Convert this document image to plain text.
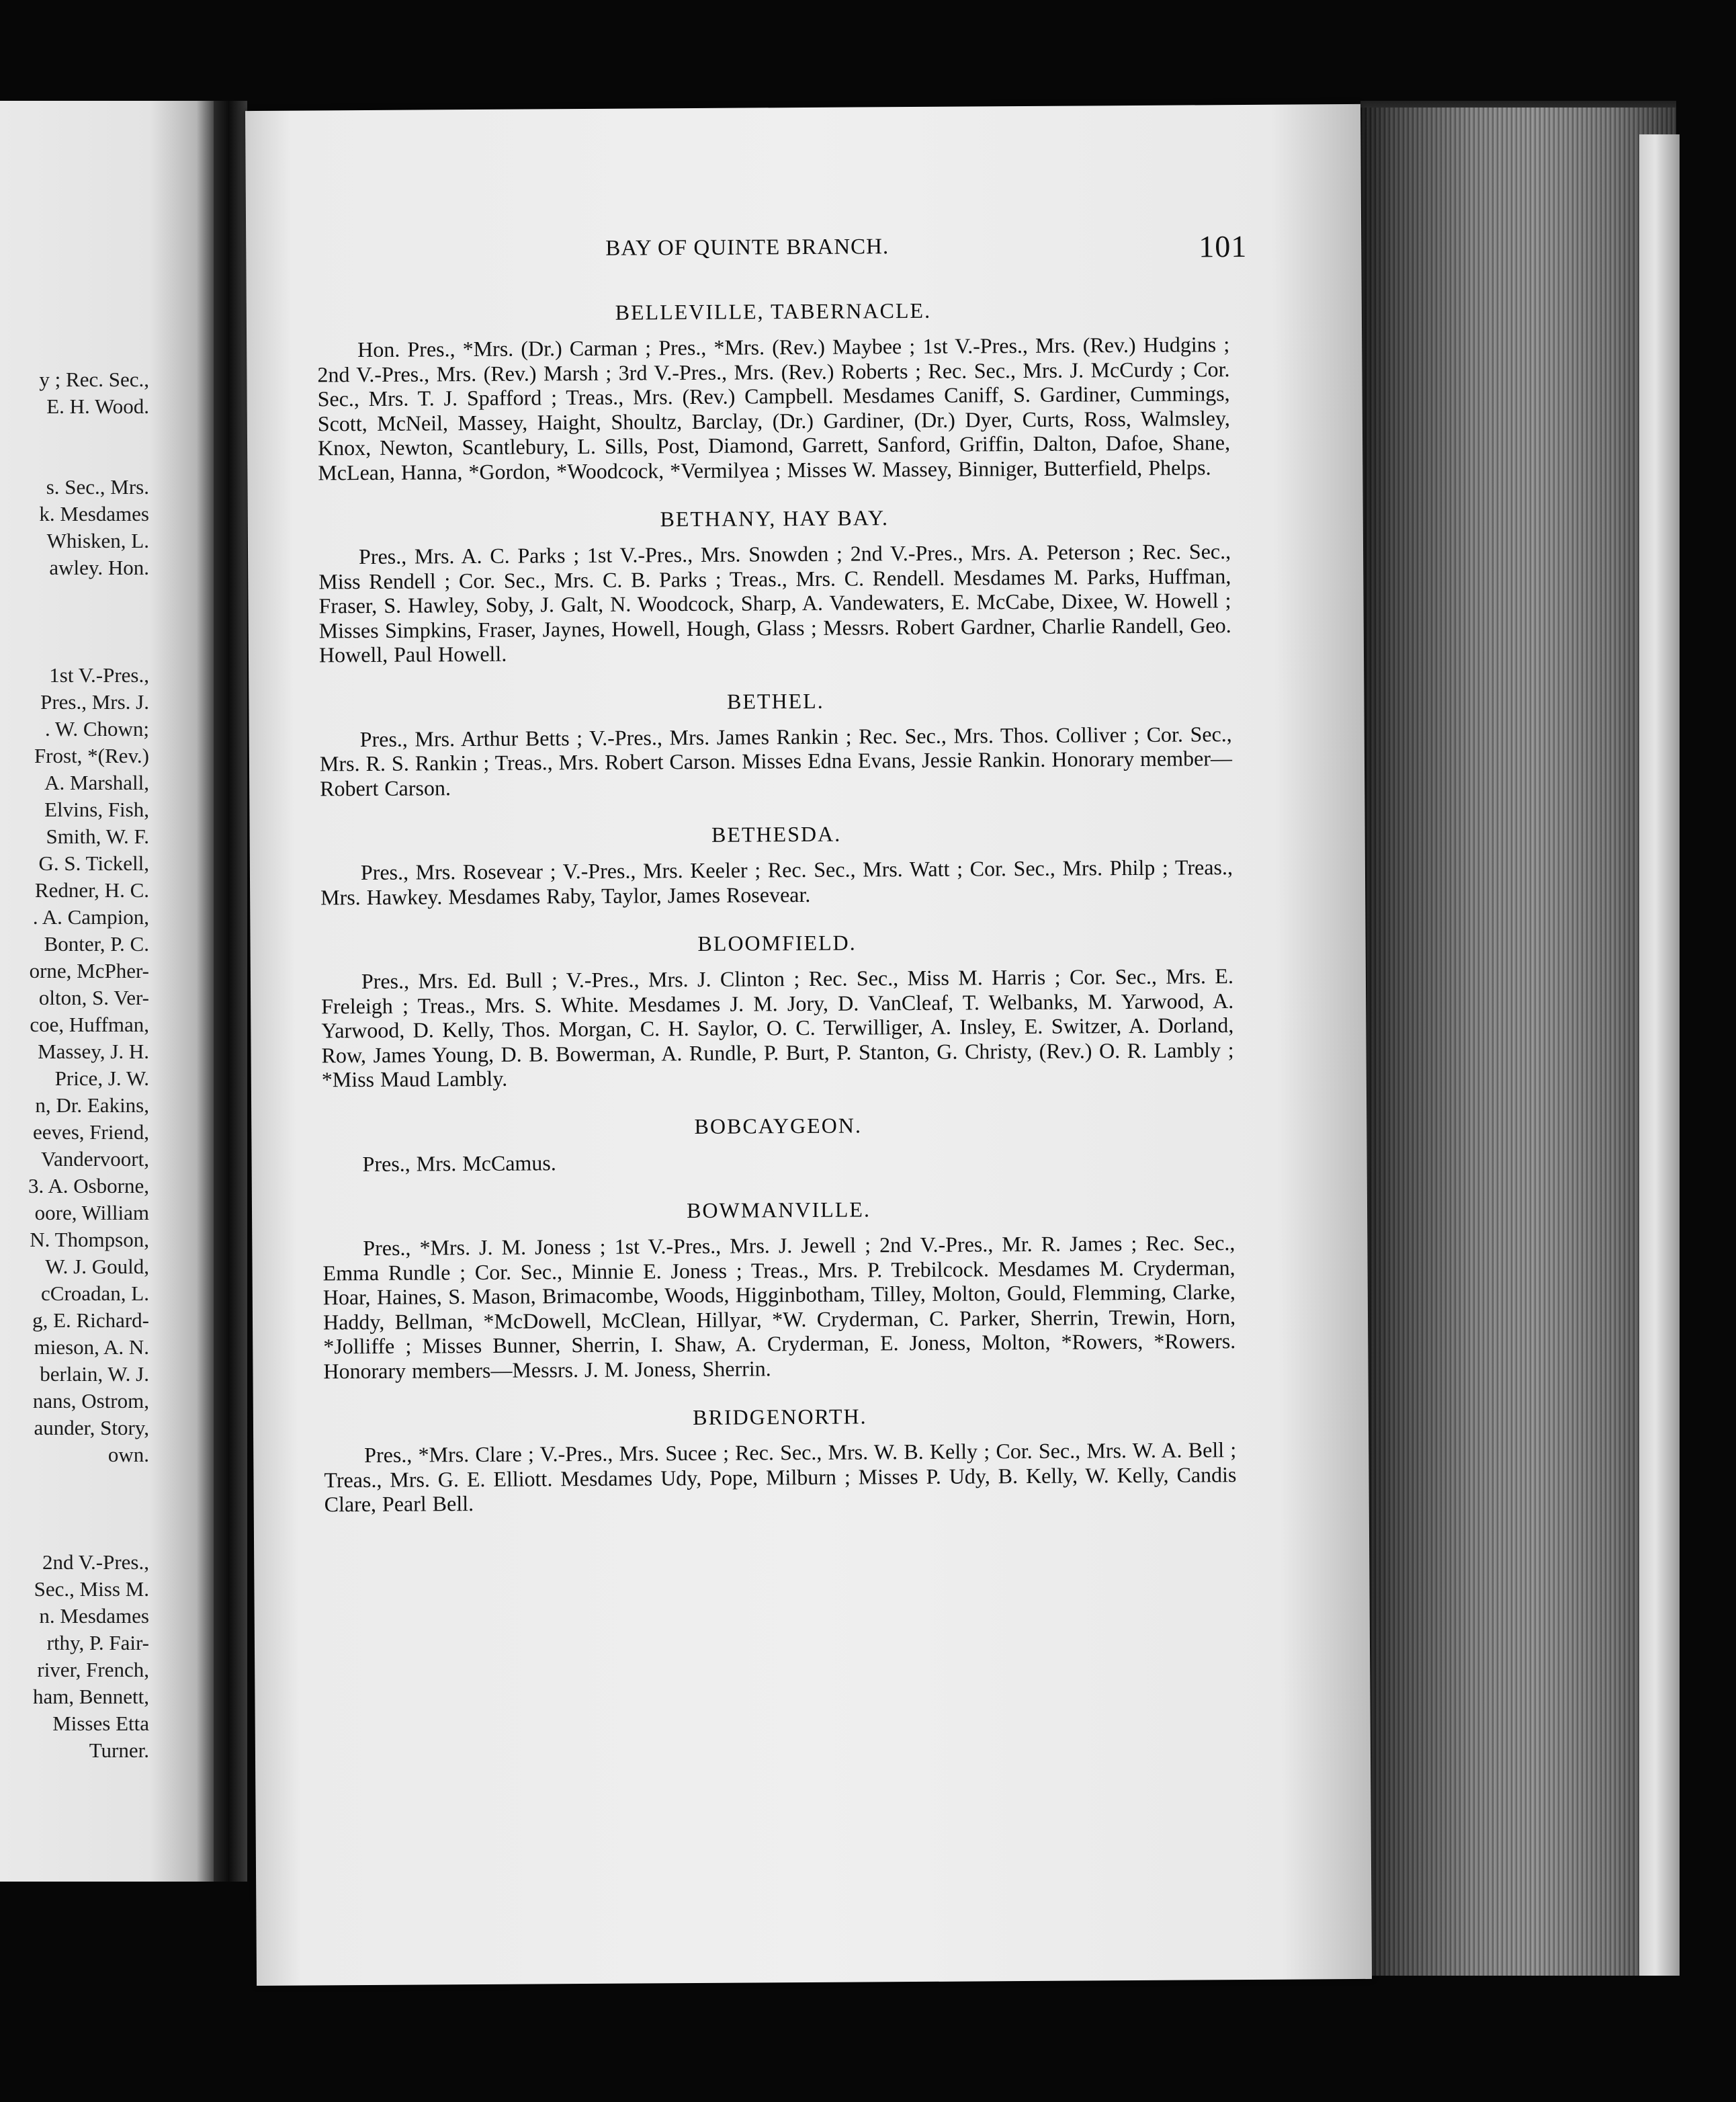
y ; Rec. Sec.,
E. H. Wood.
s. Sec., Mrs.
k. Mesdames
Whisken, L.
awley. Hon.
1st V.-Pres.,
Pres., Mrs. J.
. W. Chown;
Frost, *(Rev.)
A. Marshall,
Elvins, Fish,
Smith, W. F.
G. S. Tickell,
Redner, H. C.
. A. Campion,
Bonter, P. C.
orne, McPher-
olton, S. Ver-
coe, Huffman,
Massey, J. H.
Price, J. W.
n, Dr. Eakins,
eeves, Friend,
Vandervoort,
3. A. Osborne,
oore, William
N. Thompson,
W. J. Gould,
cCroadan, L.
g, E. Richard-
mieson, A. N.
berlain, W. J.
nans, Ostrom,
aunder, Story,
own.
2nd V.-Pres.,
Sec., Miss M.
n. Mesdames
rthy, P. Fair-
river, French,
ham, Bennett,
Misses Etta
Turner.
BAY OF QUINTE BRANCH.	101
BELLEVILLE, TABERNACLE.

Hon. Pres., *Mrs. (Dr.) Carman ; Pres., *Mrs. (Rev.) Maybee ; 1st V.-Pres., Mrs. (Rev.) Hudgins ; 2nd V.-Pres., Mrs. (Rev.) Marsh ; 3rd V.-Pres., Mrs. (Rev.) Roberts ; Rec. Sec., Mrs. J. McCurdy ; Cor. Sec., Mrs. T. J. Spafford ; Treas., Mrs. (Rev.) Campbell. Mesdames Caniff, S. Gardiner, Cummings, Scott, McNeil, Massey, Haight, Shoultz, Barclay, (Dr.) Gardiner, (Dr.) Dyer, Curts, Ross, Walmsley, Knox, Newton, Scantlebury, L. Sills, Post, Diamond, Garrett, Sanford, Griffin, Dalton, Dafoe, Shane, McLean, Hanna, *Gordon, *Woodcock, *Vermilyea ; Misses W. Massey, Binniger, Butterfield, Phelps.

BETHANY, HAY BAY.

Pres., Mrs. A. C. Parks ; 1st V.-Pres., Mrs. Snowden ; 2nd V.-Pres., Mrs. A. Peterson ; Rec. Sec., Miss Rendell ; Cor. Sec., Mrs. C. B. Parks ; Treas., Mrs. C. Rendell. Mesdames M. Parks, Huffman, Fraser, S. Hawley, Soby, J. Galt, N. Woodcock, Sharp, A. Vandewaters, E. McCabe, Dixee, W. Howell ; Misses Simpkins, Fraser, Jaynes, Howell, Hough, Glass ; Messrs. Robert Gardner, Charlie Randell, Geo. Howell, Paul Howell.

BETHEL.

Pres., Mrs. Arthur Betts ; V.-Pres., Mrs. James Rankin ; Rec. Sec., Mrs. Thos. Colliver ; Cor. Sec., Mrs. R. S. Rankin ; Treas., Mrs. Robert Carson. Misses Edna Evans, Jessie Rankin. Honorary member—Robert Carson.

BETHESDA.

Pres., Mrs. Rosevear ; V.-Pres., Mrs. Keeler ; Rec. Sec., Mrs. Watt ; Cor. Sec., Mrs. Philp ; Treas., Mrs. Hawkey. Mesdames Raby, Taylor, James Rosevear.

BLOOMFIELD.

Pres., Mrs. Ed. Bull ; V.-Pres., Mrs. J. Clinton ; Rec. Sec., Miss M. Harris ; Cor. Sec., Mrs. E. Freleigh ; Treas., Mrs. S. White. Mesdames J. M. Jory, D. VanCleaf, T. Welbanks, M. Yarwood, A. Yarwood, D. Kelly, Thos. Morgan, C. H. Saylor, O. C. Terwilliger, A. Insley, E. Switzer, A. Dorland, Row, James Young, D. B. Bowerman, A. Rundle, P. Burt, P. Stanton, G. Christy, (Rev.) O. R. Lambly ; *Miss Maud Lambly.

BOBCAYGEON.

Pres., Mrs. McCamus.

BOWMANVILLE.

Pres., *Mrs. J. M. Joness ; 1st V.-Pres., Mrs. J. Jewell ; 2nd V.-Pres., Mr. R. James ; Rec. Sec., Emma Rundle ; Cor. Sec., Minnie E. Joness ; Treas., Mrs. P. Trebilcock. Mesdames M. Cryderman, Hoar, Haines, S. Mason, Brimacombe, Woods, Higginbotham, Tilley, Molton, Gould, Flemming, Clarke, Haddy, Bellman, *McDowell, McClean, Hillyar, *W. Cryderman, C. Parker, Sherrin, Trewin, Horn, *Jolliffe ; Misses Bunner, Sherrin, I. Shaw, A. Cryderman, E. Joness, Molton, *Rowers, *Rowers. Honorary members—Messrs. J. M. Joness, Sherrin.

BRIDGENORTH.

Pres., *Mrs. Clare ; V.-Pres., Mrs. Sucee ; Rec. Sec., Mrs. W. B. Kelly ; Cor. Sec., Mrs. W. A. Bell ; Treas., Mrs. G. E. Elliott. Mesdames Udy, Pope, Milburn ; Misses P. Udy, B. Kelly, W. Kelly, Candis Clare, Pearl Bell.
